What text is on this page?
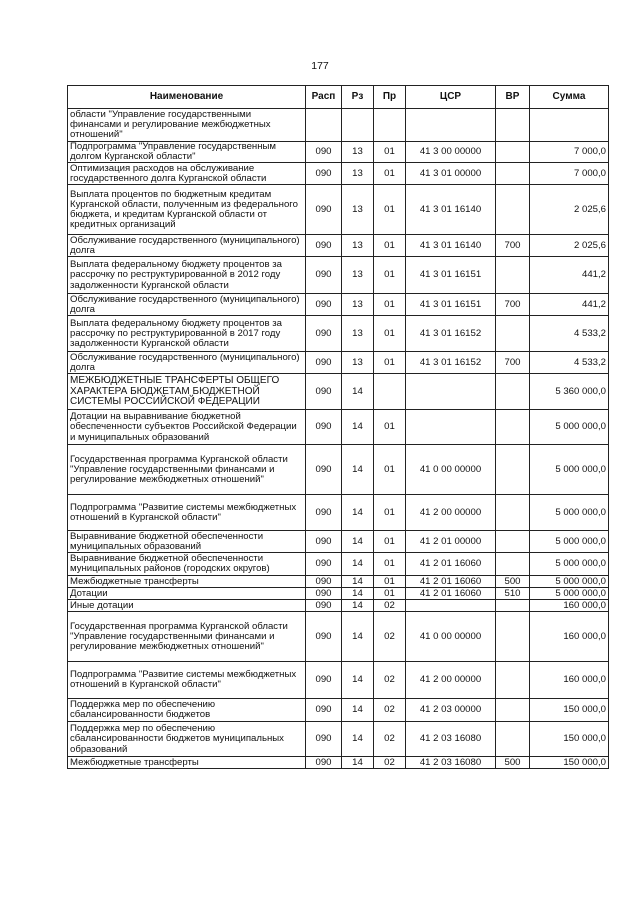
177
Наименование	Расп	Рз	Пр	ЦСР	ВР	Сумма
области "Управление государственными финансами и регулирование межбюджетных отношений"						
Подпрограмма "Управление государственным долгом Курганской области"	090	13	01	41 3 00 00000		7 000,0
Оптимизация расходов на обслуживание государственного долга Курганской области	090	13	01	41 3 01 00000		7 000,0
Выплата процентов по бюджетным кредитам Курганской области, полученным из федерального бюджета, и кредитам Курганской области от кредитных организаций	090	13	01	41 3 01 16140		2 025,6
Обслуживание государственного (муниципального) долга	090	13	01	41 3 01 16140	700	2 025,6
Выплата федеральному бюджету процентов за рассрочку по реструктурированной в 2012 году задолженности Курганской области	090	13	01	41 3 01 16151		441,2
Обслуживание государственного (муниципального) долга	090	13	01	41 3 01 16151	700	441,2
Выплата федеральному бюджету процентов за рассрочку по реструктурированной в 2017 году задолженности Курганской области	090	13	01	41 3 01 16152		4 533,2
Обслуживание государственного (муниципального) долга	090	13	01	41 3 01 16152	700	4 533,2
МЕЖБЮДЖЕТНЫЕ ТРАНСФЕРТЫ ОБЩЕГО ХАРАКТЕРА БЮДЖЕТАМ БЮДЖЕТНОЙ СИСТЕМЫ РОССИЙСКОЙ ФЕДЕРАЦИИ	090	14				5 360 000,0
Дотации на выравнивание бюджетной обеспеченности субъектов Российской Федерации и муниципальных образований	090	14	01			5 000 000,0
Государственная программа Курганской области "Управление государственными финансами и регулирование межбюджетных отношений"	090	14	01	41 0 00 00000		5 000 000,0
Подпрограмма "Развитие системы межбюджетных отношений в Курганской области"	090	14	01	41 2 00 00000		5 000 000,0
Выравнивание бюджетной обеспеченности муниципальных образований	090	14	01	41 2 01 00000		5 000 000,0
Выравнивание бюджетной обеспеченности муниципальных районов (городских округов)	090	14	01	41 2 01 16060		5 000 000,0
Межбюджетные трансферты	090	14	01	41 2 01 16060	500	5 000 000,0
Дотации	090	14	01	41 2 01 16060	510	5 000 000,0
Иные дотации	090	14	02			160 000,0
Государственная программа Курганской области "Управление государственными финансами и регулирование межбюджетных отношений"	090	14	02	41 0 00 00000		160 000,0
Подпрограмма "Развитие системы межбюджетных отношений в Курганской области"	090	14	02	41 2 00 00000		160 000,0
Поддержка мер по обеспечению сбалансированности бюджетов	090	14	02	41 2 03 00000		150 000,0
Поддержка мер по обеспечению сбалансированности бюджетов муниципальных образований	090	14	02	41 2 03 16080		150 000,0
Межбюджетные трансферты	090	14	02	41 2 03 16080	500	150 000,0
